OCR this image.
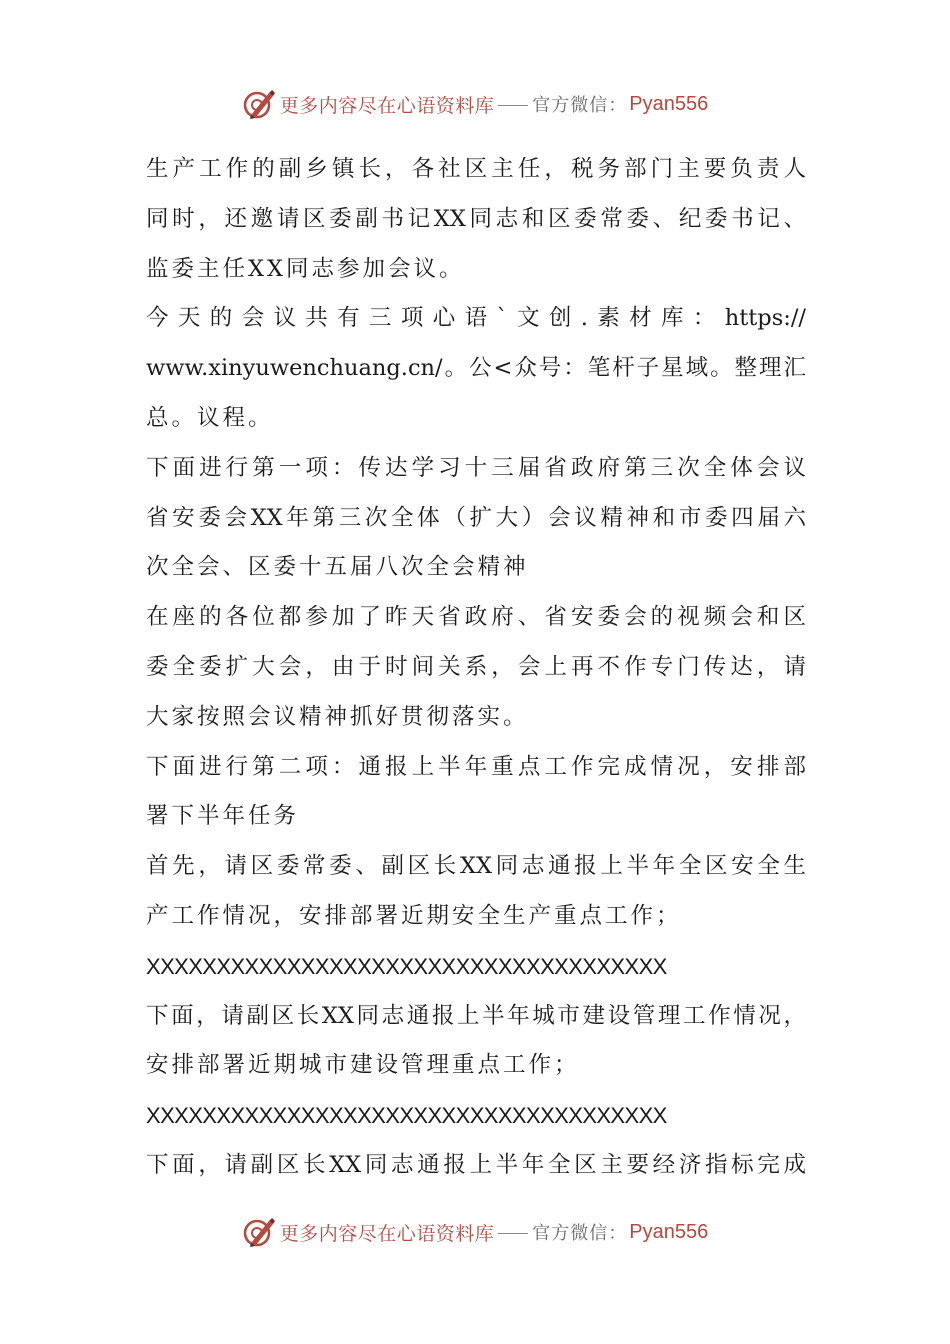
更多内容尽在心语资料库 官方微信： Pyan556
生产工作的副乡镇长，各社区主任，税务部门主要负责人
同时，还邀请区委副书记XX同志和区委常委、纪委书记、
监委主任XX同志参加会议。
今天的会议共有三项心语`文创.素材库：https://
www.xinyuwenchuang.cn/。公<众号：笔杆子星域。整理汇
总。议程。
下面进行第一项：传达学习十三届省政府第三次全体会议
省安委会XX年第三次全体（扩大）会议精神和市委四届六
次全会、区委十五届八次全会精神
在座的各位都参加了昨天省政府、省安委会的视频会和区
委全委扩大会，由于时间关系，会上再不作专门传达，请
大家按照会议精神抓好贯彻落实。
下面进行第二项：通报上半年重点工作完成情况，安排部
署下半年任务
首先，请区委常委、副区长XX同志通报上半年全区安全生
产工作情况，安排部署近期安全生产重点工作；
XXXXXXXXXXXXXXXXXXXXXXXXXXXXXXXXXXXXX
下面，请副区长XX同志通报上半年城市建设管理工作情况，
安排部署近期城市建设管理重点工作；
XXXXXXXXXXXXXXXXXXXXXXXXXXXXXXXXXXXXX
下面，请副区长XX同志通报上半年全区主要经济指标完成
更多内容尽在心语资料库 官方微信： Pyan556
